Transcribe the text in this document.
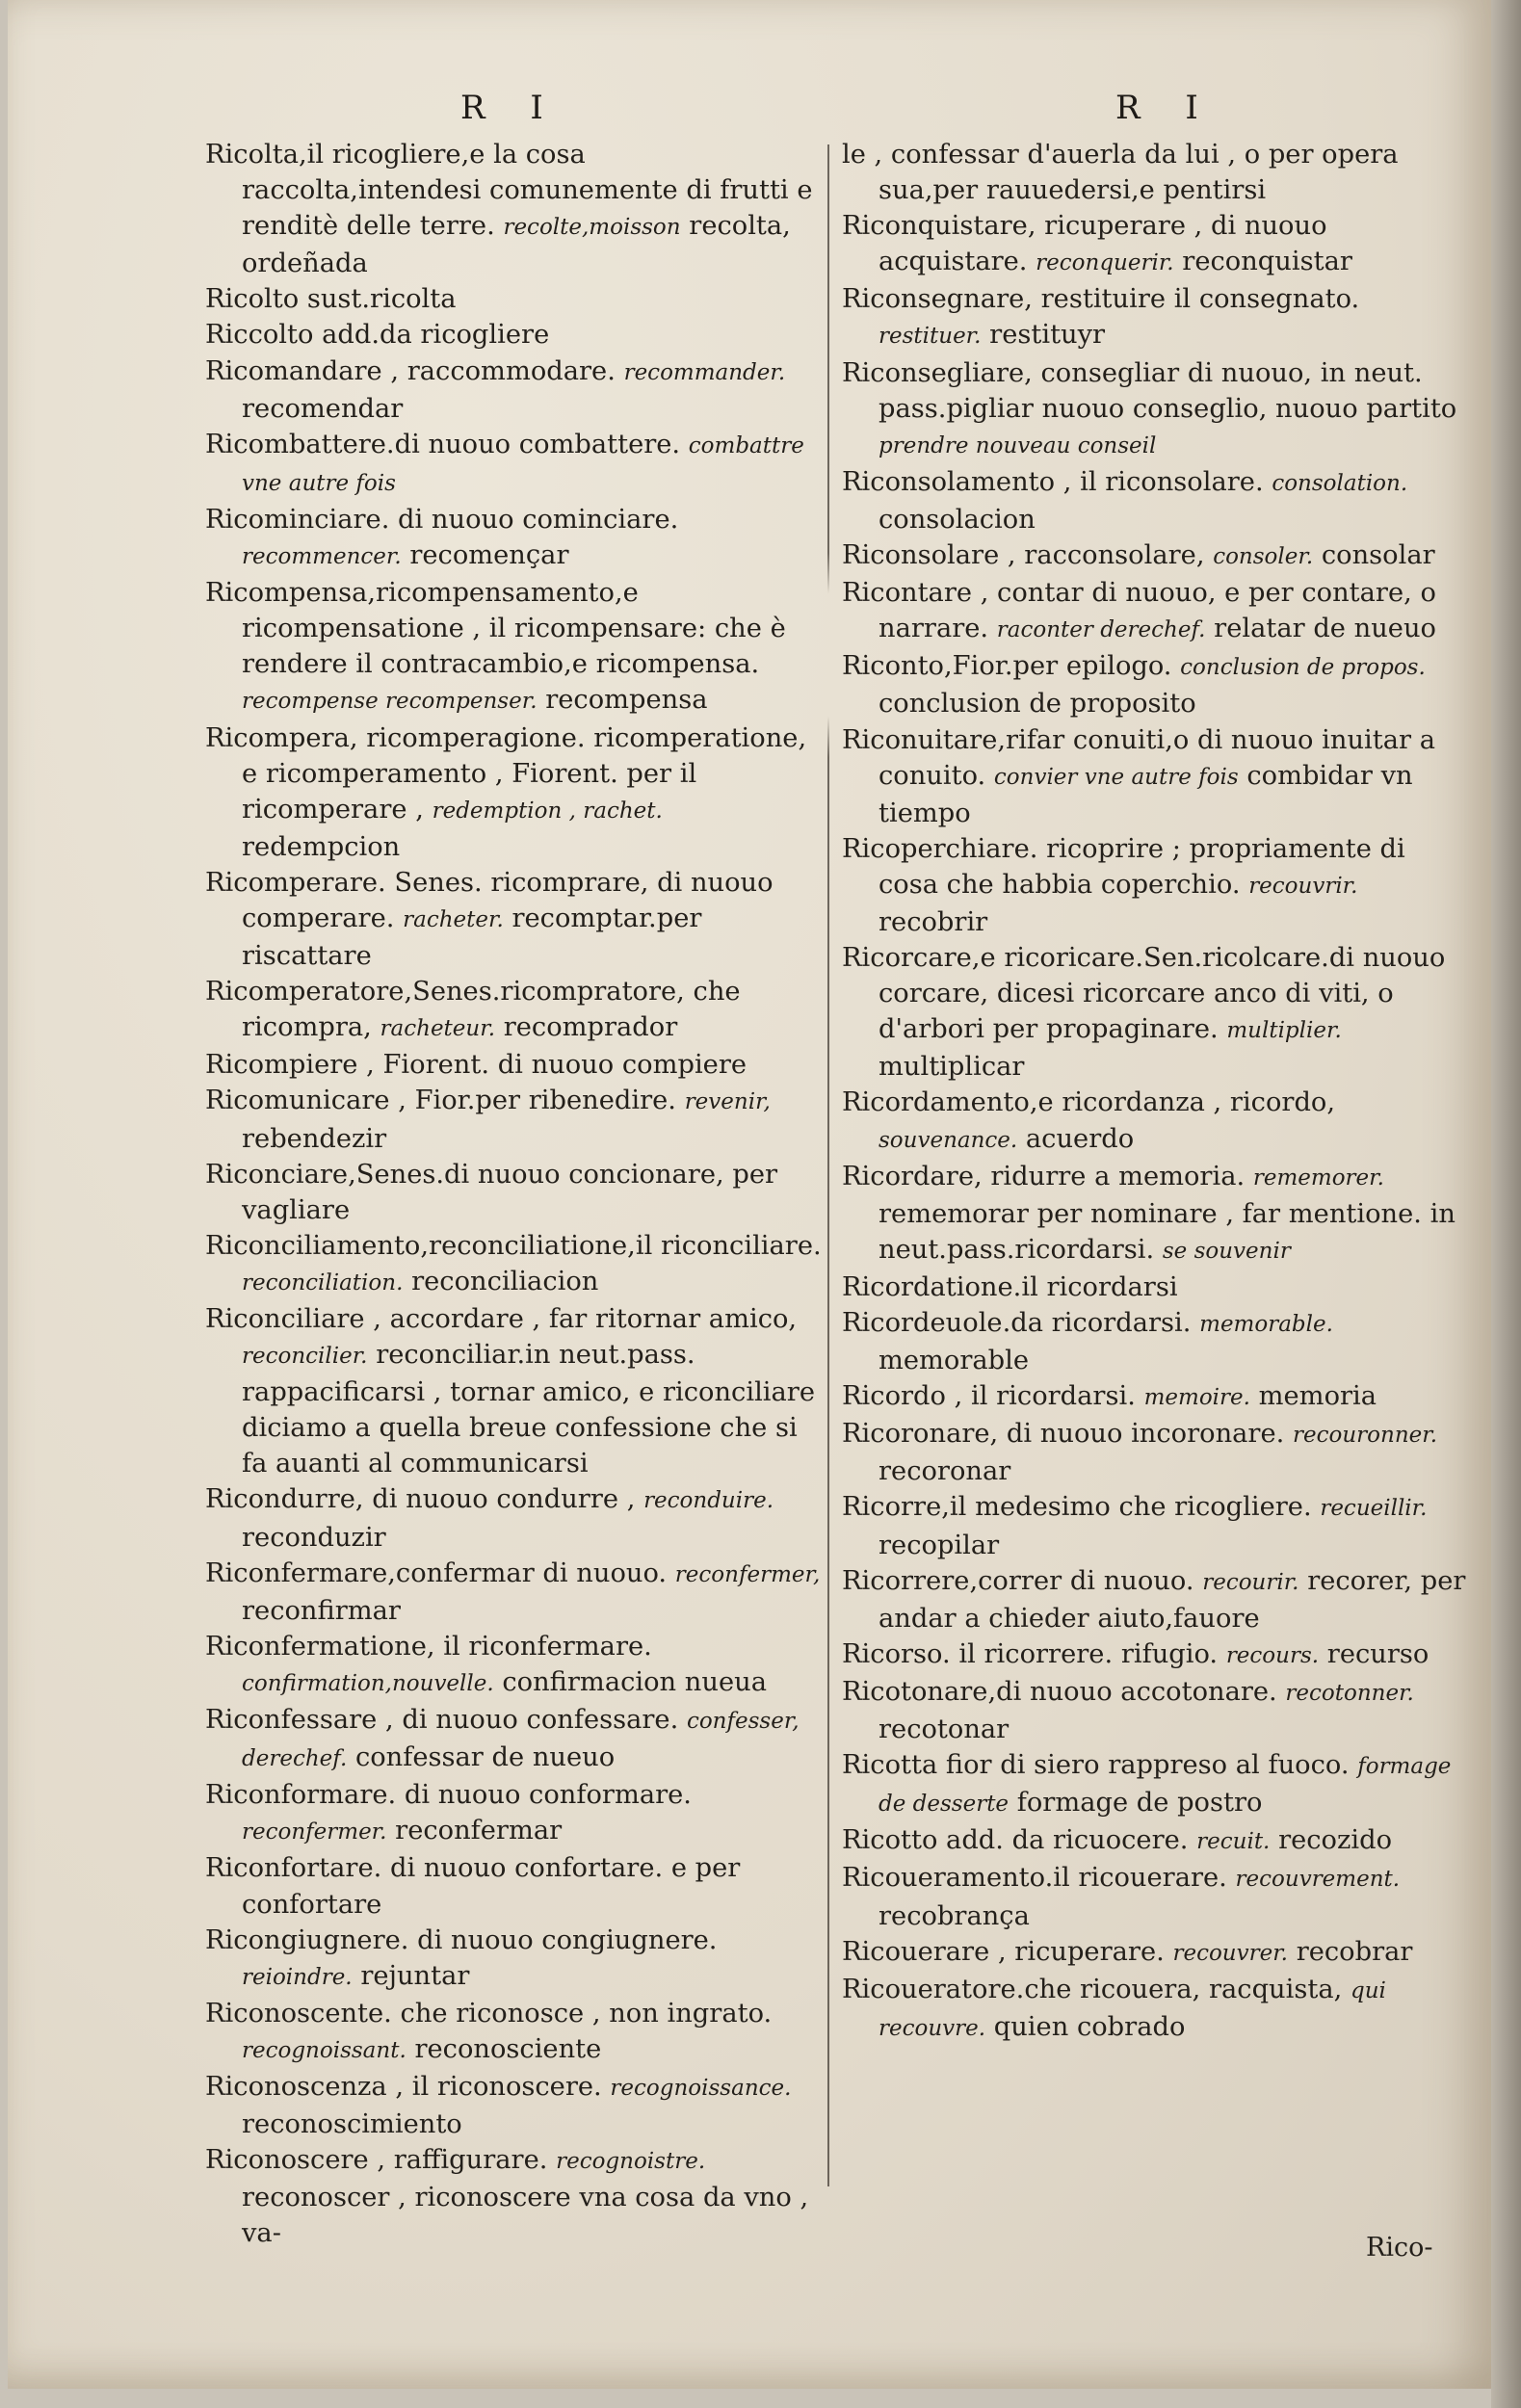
R I	R I

Ricolta,il ricogliere,e la cosa raccolta,intendesi comunemente di frutti e renditè delle terre. recolte,moisson recolta, ordeñada

Ricolto sust.ricolta

Riccolto add.da ricogliere

Ricomandare , raccommodare. recommander. recomendar

Ricombattere.di nuouo combattere. combattre vne autre fois

Ricominciare. di nuouo cominciare. recommencer. recomençar

Ricompensa,ricompensamento,e ricompensatione , il ricompensare: che è rendere il contracambio,e ricompensa. recompense recompenser. recompensa

Ricompera, ricomperagione. ricomperatione, e ricomperamento , Fiorent. per il ricomperare , redemption , rachet. redempcion

Ricomperare. Senes. ricomprare, di nuouo comperare. racheter. recomptar.per riscattare

Ricomperatore,Senes.ricompratore, che ricompra, racheteur. recomprador

Ricompiere , Fiorent. di nuouo compiere

Ricomunicare , Fior.per ribenedire. revenir, rebendezir

Riconciare,Senes.di nuouo concionare, per vagliare

Riconciliamento,reconciliatione,il riconciliare. reconciliation. reconciliacion

Riconciliare , accordare , far ritornar amico, reconcilier. reconciliar.in neut.pass. rappacificarsi , tornar amico, e riconciliare diciamo a quella breue confessione che si fa auanti al communicarsi

Ricondurre, di nuouo condurre , reconduire. reconduzir

Riconfermare,confermar di nuouo. reconfermer, reconfirmar

Riconfermatione, il riconfermare. confirmation,nouvelle. confirmacion nueua

Riconfessare , di nuouo confessare. confesser, derechef. confessar de nueuo

Riconformare. di nuouo conformare. reconfermer. reconfermar

Riconfortare. di nuouo confortare. e per confortare

Ricongiugnere. di nuouo congiugnere. reioindre. rejuntar

Riconoscente. che riconosce , non ingrato. recognoissant. reconosciente

Riconoscenza , il riconoscere. recognoissance. reconoscimiento

Riconoscere , raffigurare. recognoistre. reconoscer , riconoscere vna cosa da vno , va-

le , confessar d'auerla da lui , o per opera sua,per rauuedersi,e pentirsi

Riconquistare, ricuperare , di nuouo acquistare. reconquerir. reconquistar

Riconsegnare, restituire il consegnato. restituer. restituyr

Riconsegliare, consegliar di nuouo, in neut. pass.pigliar nuouo conseglio, nuouo partito prendre nouveau conseil

Riconsolamento , il riconsolare. consolation. consolacion

Riconsolare , racconsolare, consoler. consolar

Ricontare , contar di nuouo, e per contare, o narrare. raconter derechef. relatar de nueuo

Riconto,Fior.per epilogo. conclusion de propos. conclusion de proposito

Riconuitare,rifar conuiti,o di nuouo inuitar a conuito. convier vne autre fois combidar vn tiempo

Ricoperchiare. ricoprire ; propriamente di cosa che habbia coperchio. recouvrir. recobrir

Ricorcare,e ricoricare.Sen.ricolcare.di nuouo corcare, dicesi ricorcare anco di viti, o d'arbori per propaginare. multiplier. multiplicar

Ricordamento,e ricordanza , ricordo, souvenance. acuerdo

Ricordare, ridurre a memoria. rememorer. rememorar per nominare , far mentione. in neut.pass.ricordarsi. se souvenir

Ricordatione.il ricordarsi

Ricordeuole.da ricordarsi. memorable. memorable

Ricordo , il ricordarsi. memoire. memoria

Ricoronare, di nuouo incoronare. recouronner. recoronar

Ricorre,il medesimo che ricogliere. recueillir. recopilar

Ricorrere,correr di nuouo. recourir. recorer, per andar a chieder aiuto,fauore

Ricorso. il ricorrere. rifugio. recours. recurso

Ricotonare,di nuouo accotonare. recotonner. recotonar

Ricotta fior di siero rappreso al fuoco. formage de desserte formage de postro

Ricotto add. da ricuocere. recuit. recozido

Ricoueramento.il ricouerare. recouvrement. recobrança

Ricouerare , ricuperare. recouvrer. recobrar

Ricoueratore.che ricouera, racquista, qui recouvre. quien cobrado

Rico-
